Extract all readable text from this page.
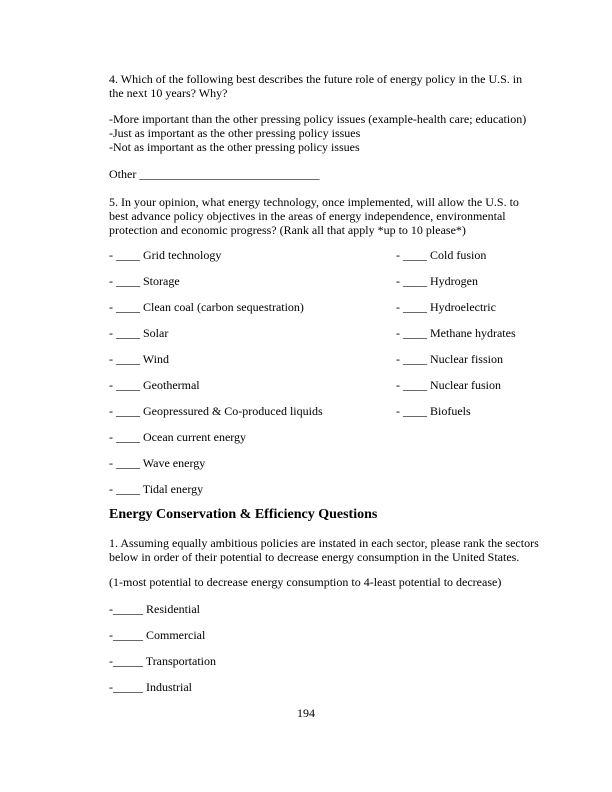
4. Which of the following best describes the future role of energy policy in the U.S. in the next 10 years? Why?

-More important than the other pressing policy issues (example-health care; education)
-Just as important as the other pressing policy issues
-Not as important as the other pressing policy issues
Other ______________________________

5. In your opinion, what energy technology, once implemented, will allow the U.S. to best advance policy objectives in the areas of energy independence, environmental protection and economic progress? (Rank all that apply *up to 10 please*)

- ____ Grid technology
- ____ Storage
- ____ Clean coal (carbon sequestration)
- ____ Solar
- ____ Wind
- ____ Geothermal
- ____ Geopressured & Co-produced liquids
- ____ Ocean current energy
- ____ Wave energy
- ____ Tidal energy
- ____ Cold fusion
- ____ Hydrogen
- ____ Hydroelectric
- ____ Methane hydrates
- ____ Nuclear fission
- ____ Nuclear fusion
- ____ Biofuels
Energy Conservation & Efficiency Questions

1. Assuming equally ambitious policies are instated in each sector, please rank the sectors below in order of their potential to decrease energy consumption in the United States.

(1-most potential to decrease energy consumption to 4-least potential to decrease)
-_____ Residential
-_____ Commercial
-_____ Transportation
-_____ Industrial
194
